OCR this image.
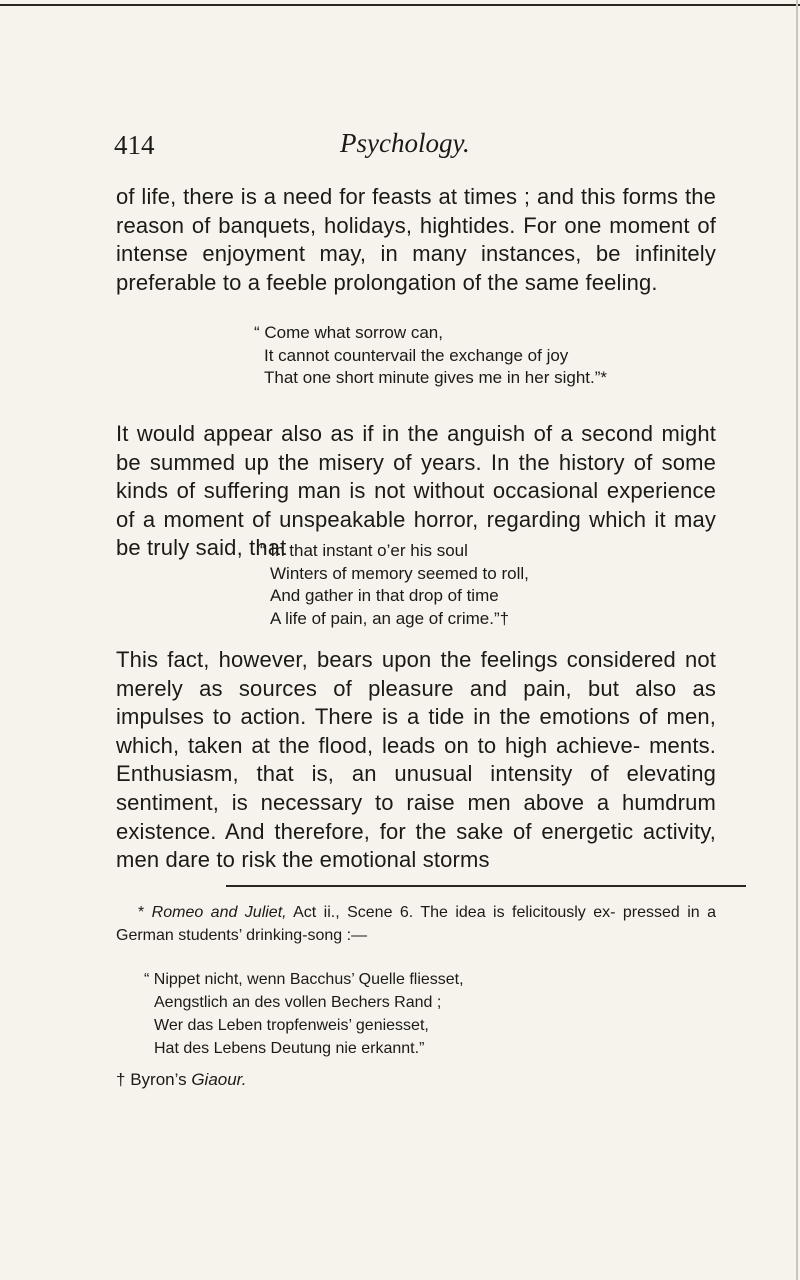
414	Psychology.

of life, there is a need for feasts at times ; and this forms the reason of banquets, holidays, hightides. For one moment of intense enjoyment may, in many instances, be infinitely preferable to a feeble prolongation of the same feeling.

“ Come what sorrow can,
It cannot countervail the exchange of joy
That one short minute gives me in her sight.”*

It would appear also as if in the anguish of a second might be summed up the misery of years. In the history of some kinds of suffering man is not without occasional experience of a moment of unspeakable horror, regarding which it may be truly said, that

“ In that instant o’er his soul
Winters of memory seemed to roll,
And gather in that drop of time
A life of pain, an age of crime.”†

This fact, however, bears upon the feelings considered not merely as sources of pleasure and pain, but also as impulses to action. There is a tide in the emotions of men, which, taken at the flood, leads on to high achieve- ments. Enthusiasm, that is, an unusual intensity of elevating sentiment, is necessary to raise men above a humdrum existence. And therefore, for the sake of energetic activity, men dare to risk the emotional storms

* Romeo and Juliet, Act ii., Scene 6. The idea is felicitously ex- pressed in a German students’ drinking-song :—

“ Nippet nicht, wenn Bacchus’ Quelle fliesset,
Aengstlich an des vollen Bechers Rand ;
Wer das Leben tropfenweis’ geniesset,
Hat des Lebens Deutung nie erkannt.”

† Byron’s Giaour.
